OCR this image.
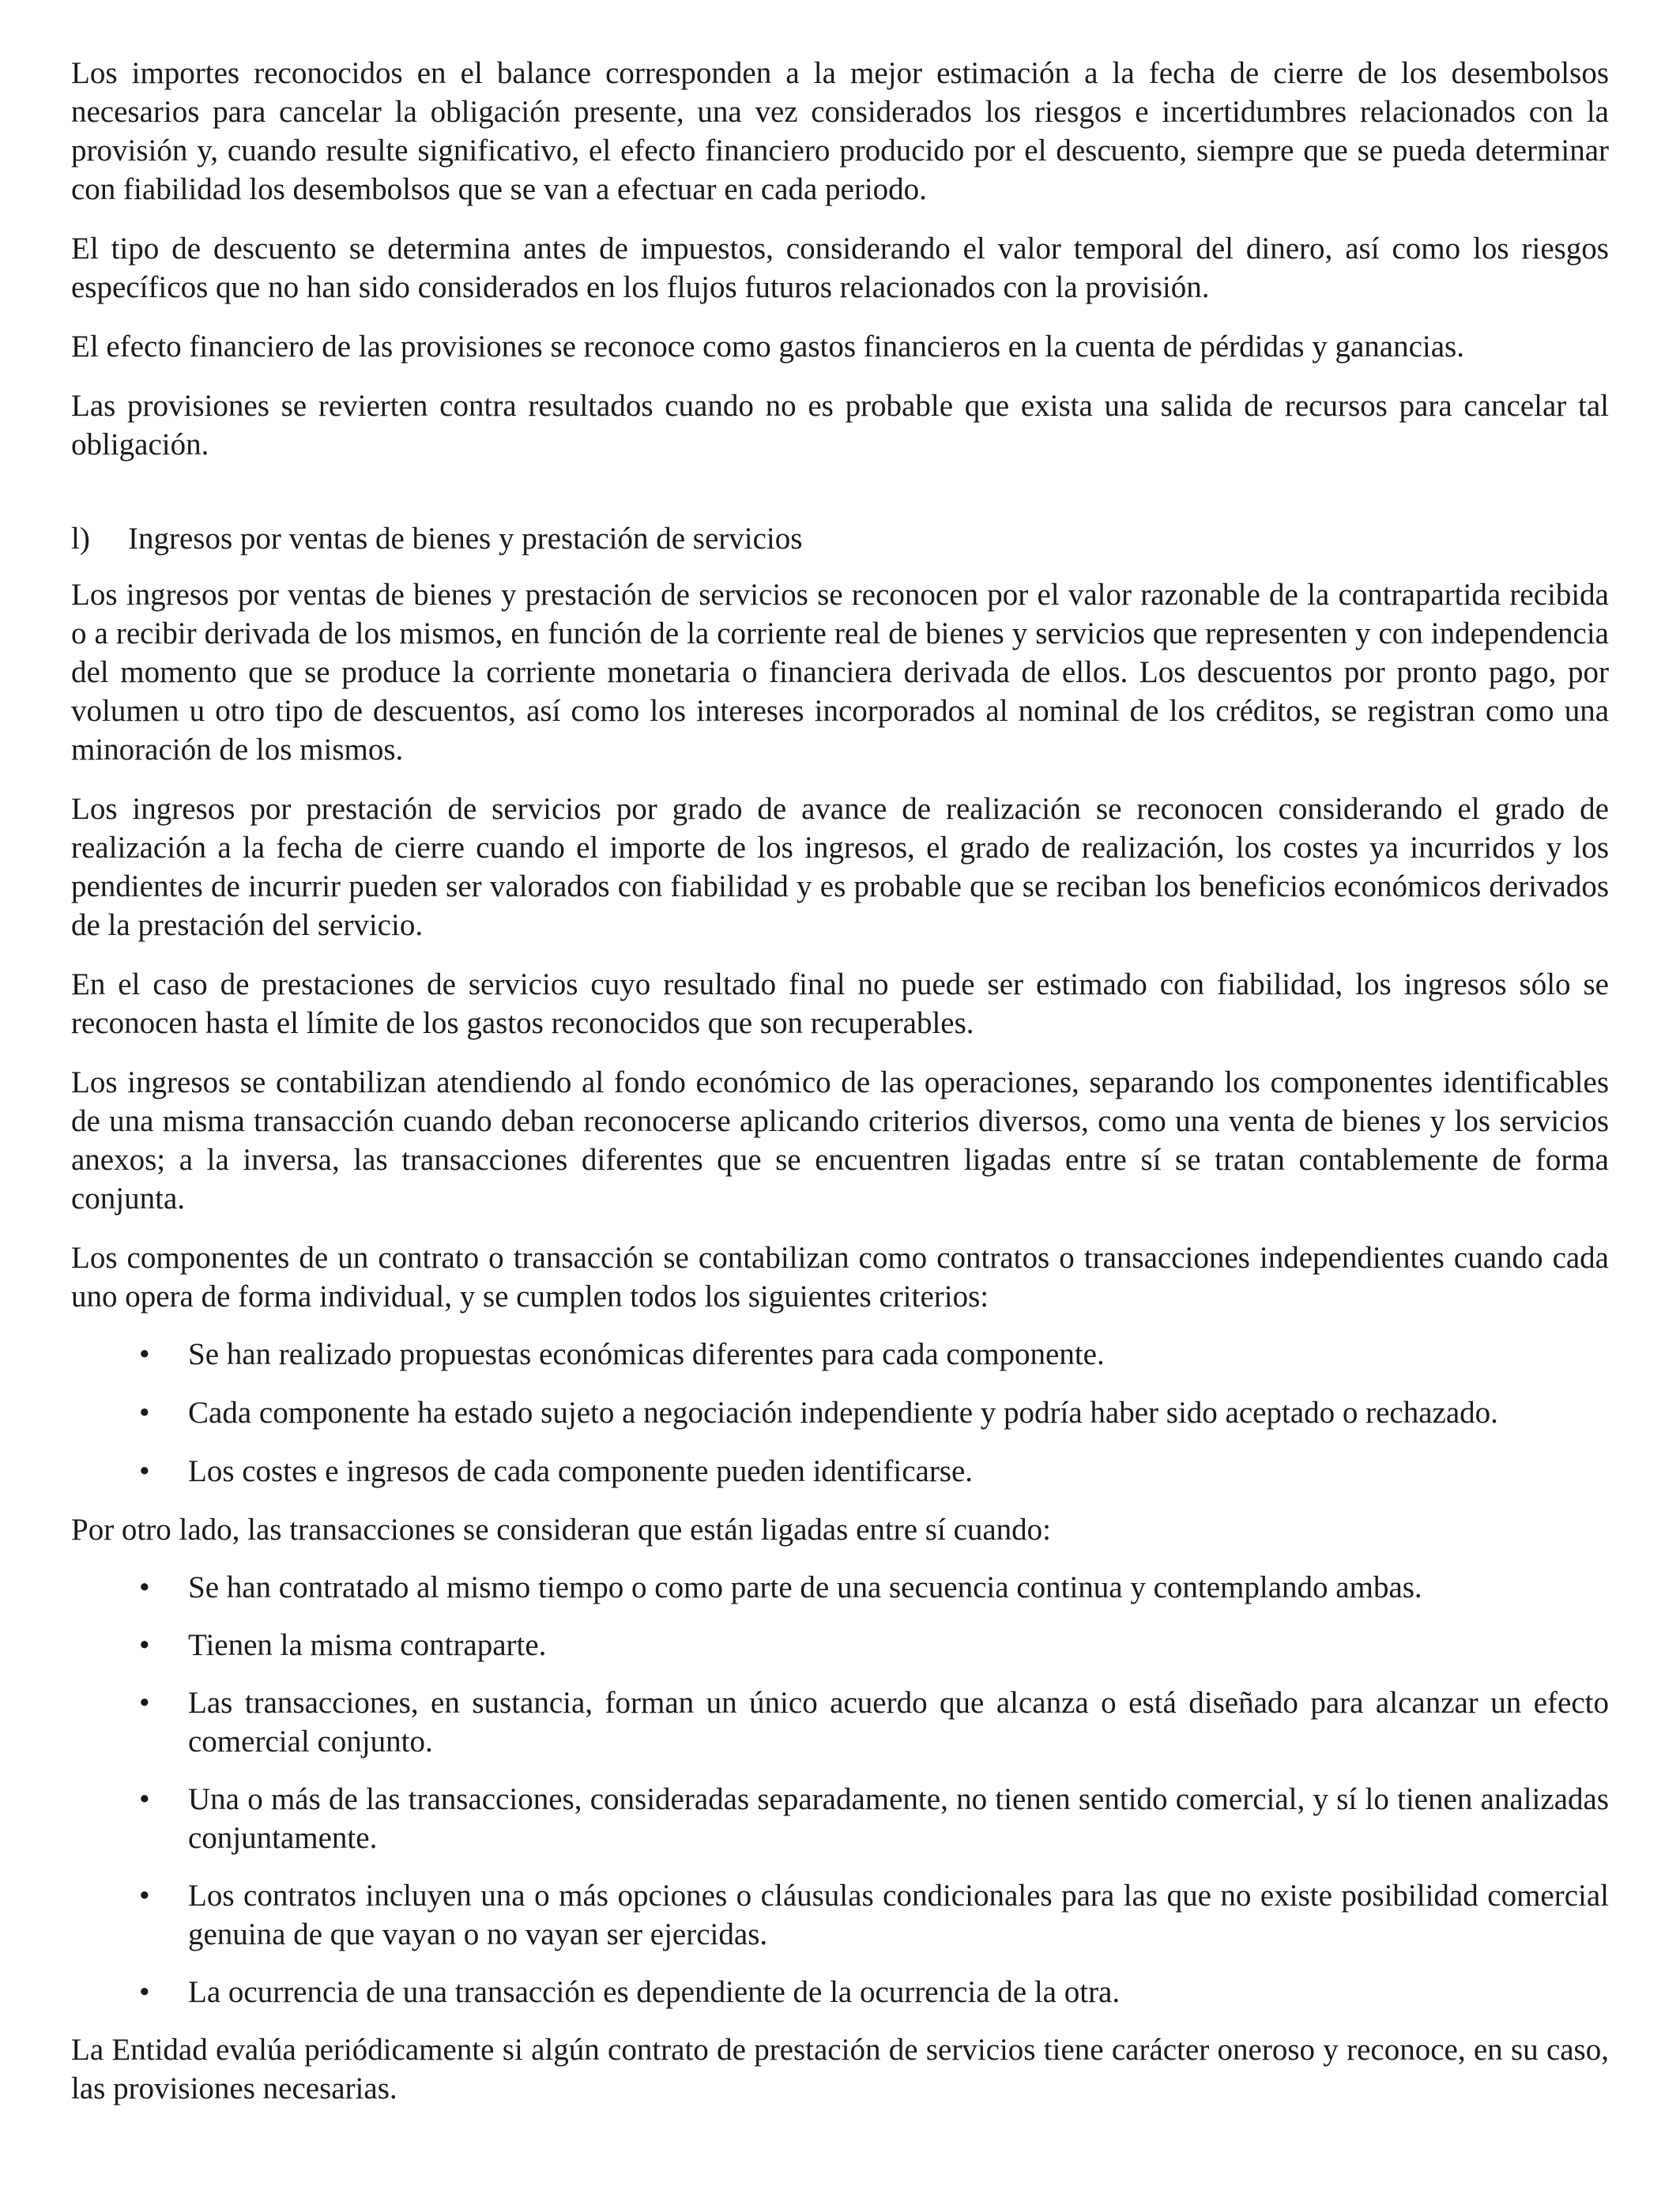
Los importes reconocidos en el balance corresponden a la mejor estimación a la fecha de cierre de los desembolsos necesarios para cancelar la obligación presente, una vez considerados los riesgos e incertidumbres relacionados con la provisión y, cuando resulte significativo, el efecto financiero producido por el descuento, siempre que se pueda determinar con fiabilidad los desembolsos que se van a efectuar en cada periodo.

El tipo de descuento se determina antes de impuestos, considerando el valor temporal del dinero, así como los riesgos específicos que no han sido considerados en los flujos futuros relacionados con la provisión.

El efecto financiero de las provisiones se reconoce como gastos financieros en la cuenta de pérdidas y ganancias.

Las provisiones se revierten contra resultados cuando no es probable que exista una salida de recursos para cancelar tal obligación.

l)	Ingresos por ventas de bienes y prestación de servicios

Los ingresos por ventas de bienes y prestación de servicios se reconocen por el valor razonable de la contrapartida recibida o a recibir derivada de los mismos, en función de la corriente real de bienes y servicios que representen y con independencia del momento que se produce la corriente monetaria o financiera derivada de ellos. Los descuentos por pronto pago, por volumen u otro tipo de descuentos, así como los intereses incorporados al nominal de los créditos, se registran como una minoración de los mismos.

Los ingresos por prestación de servicios por grado de avance de realización se reconocen considerando el grado de realización a la fecha de cierre cuando el importe de los ingresos, el grado de realización, los costes ya incurridos y los pendientes de incurrir pueden ser valorados con fiabilidad y es probable que se reciban los beneficios económicos derivados de la prestación del servicio.

En el caso de prestaciones de servicios cuyo resultado final no puede ser estimado con fiabilidad, los ingresos sólo se reconocen hasta el límite de los gastos reconocidos que son recuperables.

Los ingresos se contabilizan atendiendo al fondo económico de las operaciones, separando los componentes identificables de una misma transacción cuando deban reconocerse aplicando criterios diversos, como una venta de bienes y los servicios anexos; a la inversa, las transacciones diferentes que se encuentren ligadas entre sí se tratan contablemente de forma conjunta.

Los componentes de un contrato o transacción se contabilizan como contratos o transacciones independientes cuando cada uno opera de forma individual, y se cumplen todos los siguientes criterios:

• Se han realizado propuestas económicas diferentes para cada componente.
• Cada componente ha estado sujeto a negociación independiente y podría haber sido aceptado o rechazado.
• Los costes e ingresos de cada componente pueden identificarse.

Por otro lado, las transacciones se consideran que están ligadas entre sí cuando:

• Se han contratado al mismo tiempo o como parte de una secuencia continua y contemplando ambas.
• Tienen la misma contraparte.
• Las transacciones, en sustancia, forman un único acuerdo que alcanza o está diseñado para alcanzar un efecto comercial conjunto.
• Una o más de las transacciones, consideradas separadamente, no tienen sentido comercial, y sí lo tienen analizadas conjuntamente.
• Los contratos incluyen una o más opciones o cláusulas condicionales para las que no existe posibilidad comercial genuina de que vayan o no vayan ser ejercidas.
• La ocurrencia de una transacción es dependiente de la ocurrencia de la otra.

La Entidad evalúa periódicamente si algún contrato de prestación de servicios tiene carácter oneroso y reconoce, en su caso, las provisiones necesarias.
